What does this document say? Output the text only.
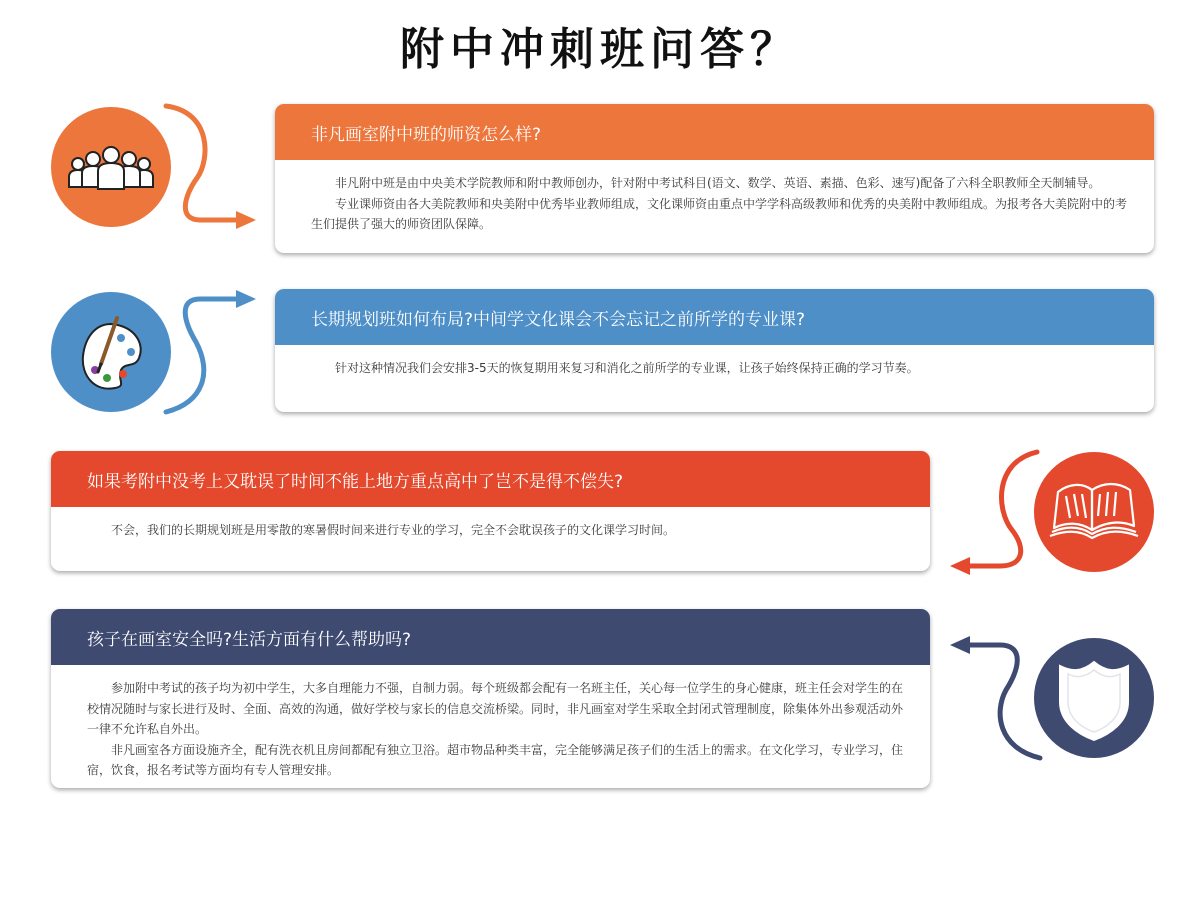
附中冲刺班问答？
非凡画室附中班的师资怎么样?

非凡附中班是由中央美术学院教师和附中教师创办，针对附中考试科目(语文、数学、英语、素描、色彩、速写)配备了六科全职教师全天制辅导。

专业课师资由各大美院教师和央美附中优秀毕业教师组成，文化课师资由重点中学学科高级教师和优秀的央美附中教师组成。为报考各大美院附中的考生们提供了强大的师资团队保障。

长期规划班如何布局?中间学文化课会不会忘记之前所学的专业课?

针对这种情况我们会安排3-5天的恢复期用来复习和消化之前所学的专业课，让孩子始终保持正确的学习节奏。

如果考附中没考上又耽误了时间不能上地方重点高中了岂不是得不偿失?

不会，我们的长期规划班是用零散的寒暑假时间来进行专业的学习，完全不会耽误孩子的文化课学习时间。

孩子在画室安全吗?生活方面有什么帮助吗?

参加附中考试的孩子均为初中学生，大多自理能力不强，自制力弱。每个班级都会配有一名班主任，关心每一位学生的身心健康，班主任会对学生的在校情况随时与家长进行及时、全面、高效的沟通，做好学校与家长的信息交流桥梁。同时，非凡画室对学生采取全封闭式管理制度，除集体外出参观活动外一律不允许私自外出。

非凡画室各方面设施齐全，配有洗衣机且房间都配有独立卫浴。超市物品种类丰富，完全能够满足孩子们的生活上的需求。在文化学习，专业学习，住宿，饮食，报名考试等方面均有专人管理安排。
